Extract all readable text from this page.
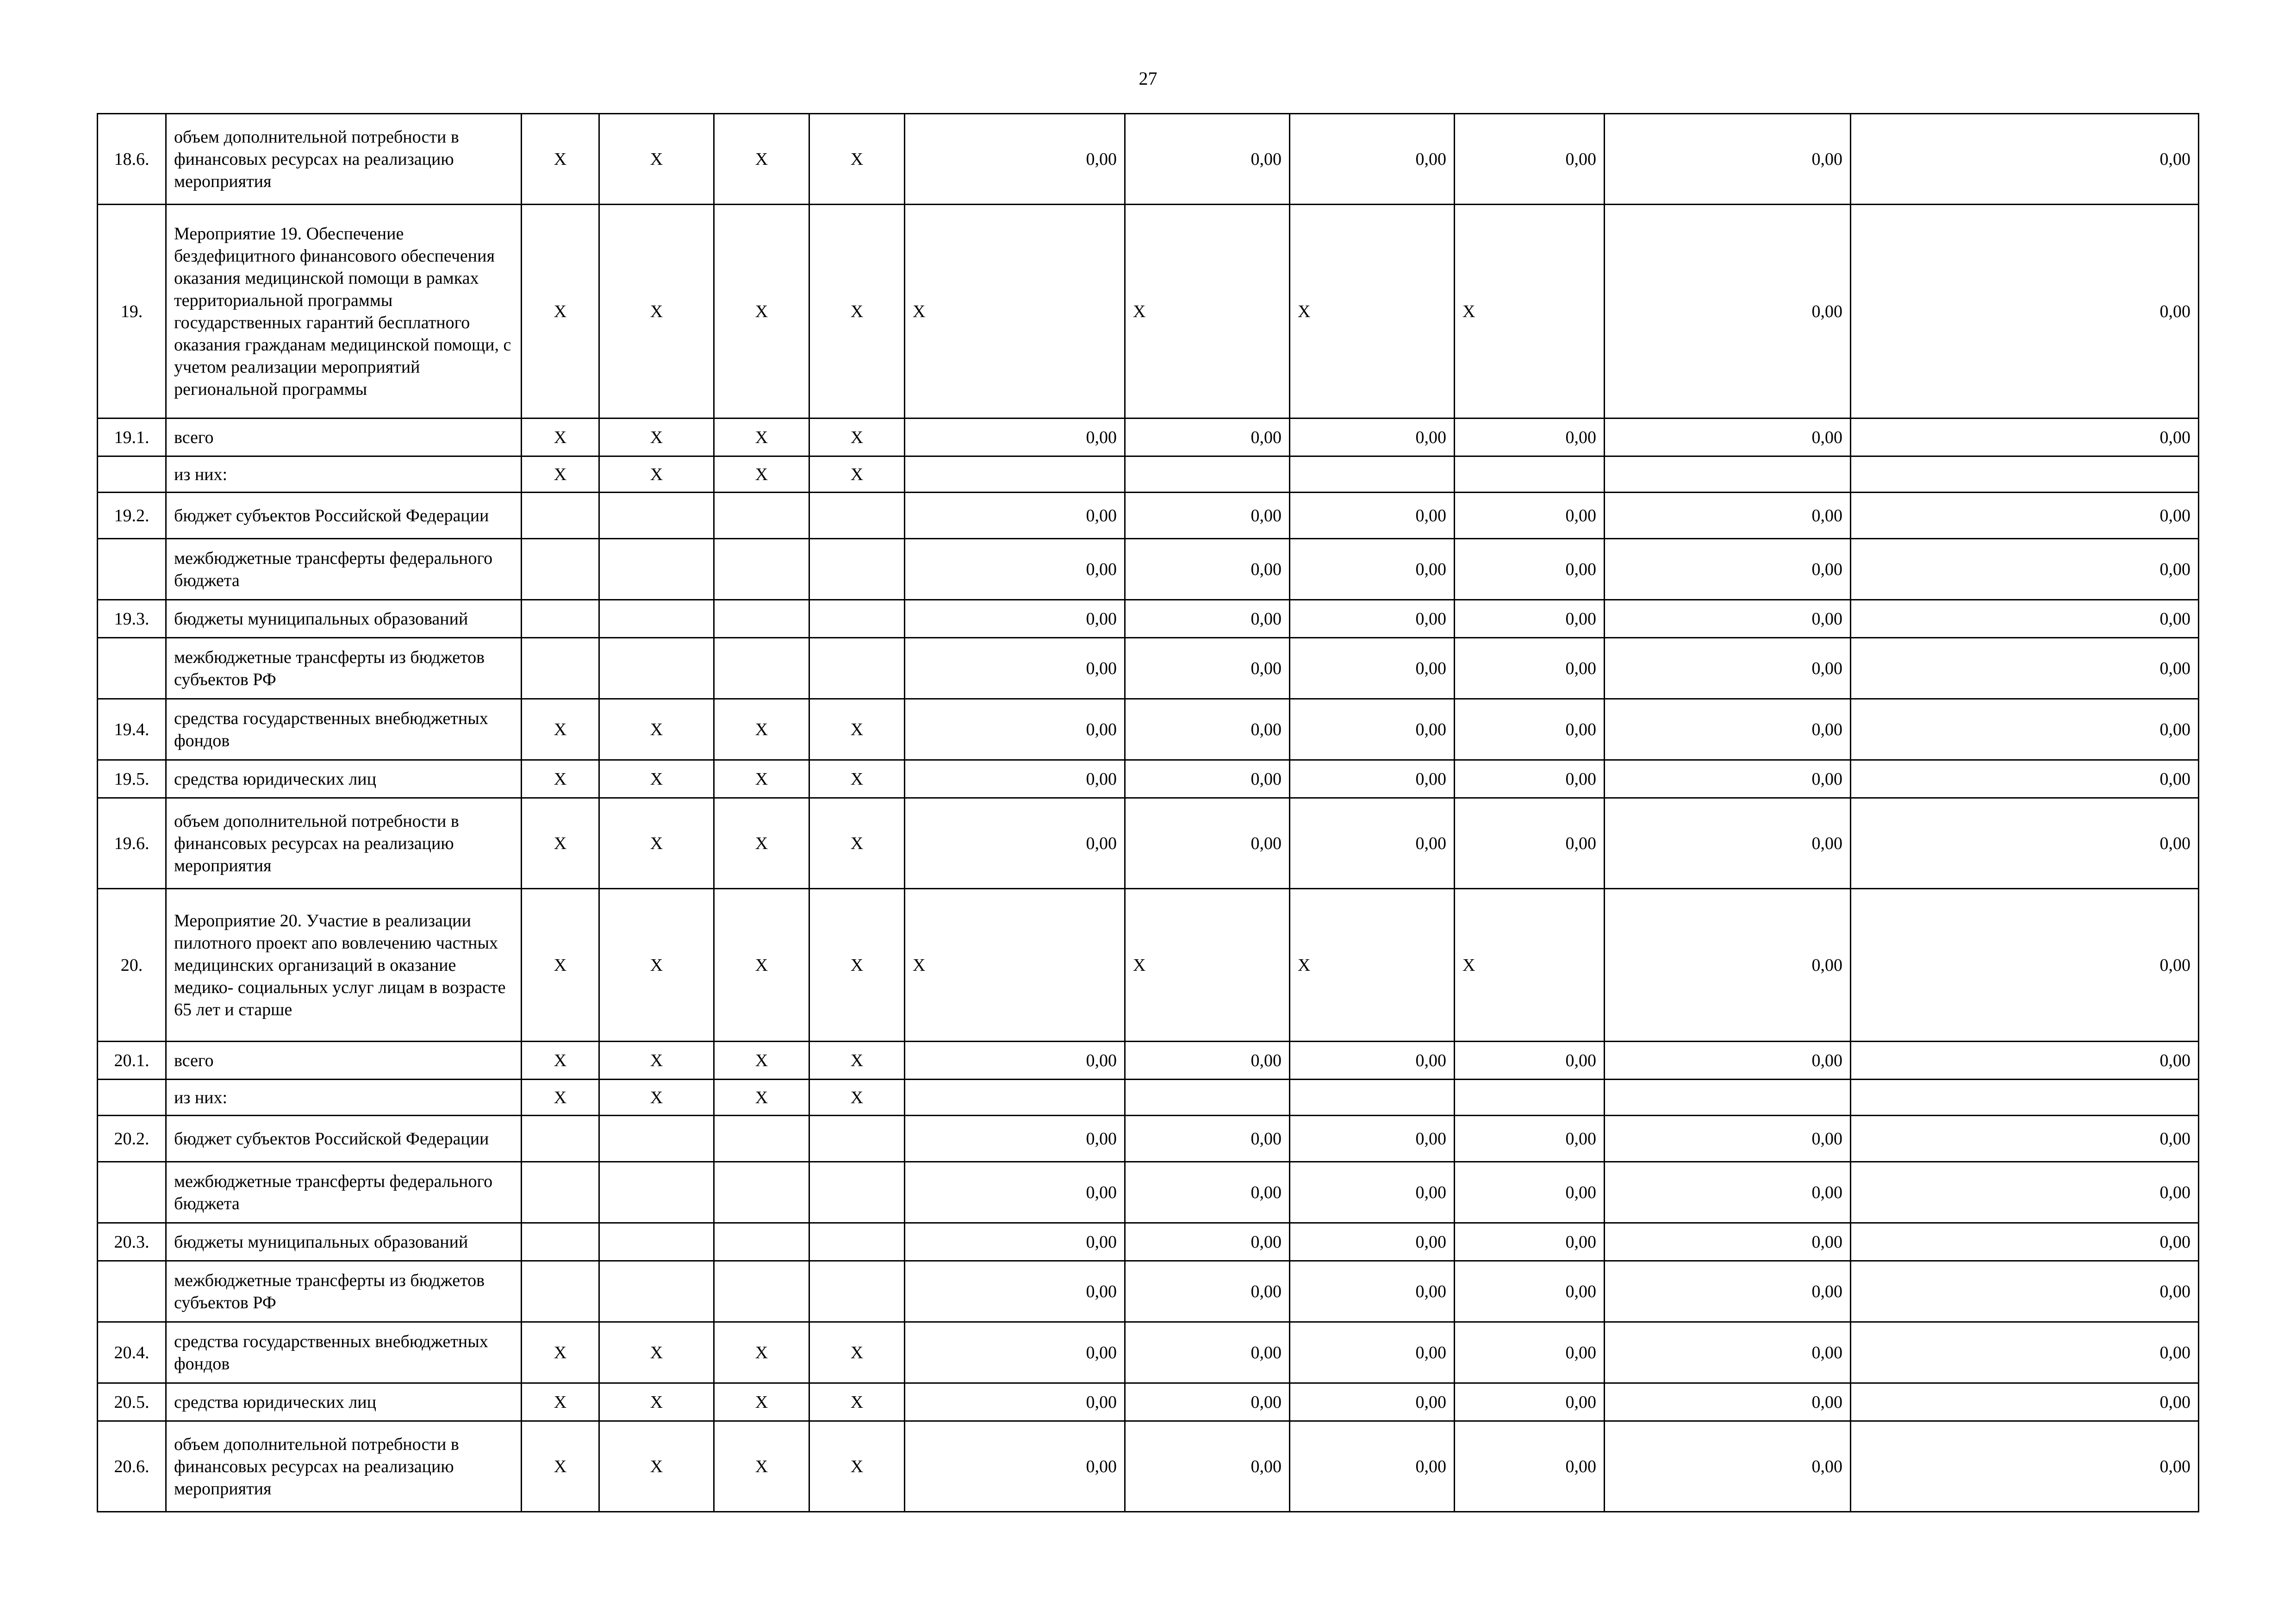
27
18.6.	объем дополнительной потребности в финансовых ресурсах на реализацию мероприятия	X	X	X	X	0,00	0,00	0,00	0,00	0,00	0,00
19.	Мероприятие 19. Обеспечение бездефицитного финансового обеспечения оказания медицинской помощи в рамках территориальной программы государственных гарантий бесплатного оказания гражданам медицинской помощи, с учетом реализации мероприятий региональной программы	X	X	X	X	X	X	X	X	0,00	0,00
19.1.	всего	X	X	X	X	0,00	0,00	0,00	0,00	0,00	0,00
	из них:	X	X	X	X						
19.2.	бюджет субъектов Российской Федерации					0,00	0,00	0,00	0,00	0,00	0,00
	межбюджетные трансферты федерального бюджета					0,00	0,00	0,00	0,00	0,00	0,00
19.3.	бюджеты муниципальных образований					0,00	0,00	0,00	0,00	0,00	0,00
	межбюджетные трансферты из бюджетов субъектов РФ					0,00	0,00	0,00	0,00	0,00	0,00
19.4.	средства государственных внебюджетных фондов	X	X	X	X	0,00	0,00	0,00	0,00	0,00	0,00
19.5.	средства юридических лиц	X	X	X	X	0,00	0,00	0,00	0,00	0,00	0,00
19.6.	объем дополнительной потребности в финансовых ресурсах на реализацию мероприятия	X	X	X	X	0,00	0,00	0,00	0,00	0,00	0,00
20.	Мероприятие 20. Участие в реализации пилотного проект апо вовлечению частных медицинских организаций в оказание медико- социальных услуг лицам в возрасте 65 лет и старше	X	X	X	X	X	X	X	X	0,00	0,00
20.1.	всего	X	X	X	X	0,00	0,00	0,00	0,00	0,00	0,00
	из них:	X	X	X	X						
20.2.	бюджет субъектов Российской Федерации					0,00	0,00	0,00	0,00	0,00	0,00
	межбюджетные трансферты федерального бюджета					0,00	0,00	0,00	0,00	0,00	0,00
20.3.	бюджеты муниципальных образований					0,00	0,00	0,00	0,00	0,00	0,00
	межбюджетные трансферты из бюджетов субъектов РФ					0,00	0,00	0,00	0,00	0,00	0,00
20.4.	средства государственных внебюджетных фондов	X	X	X	X	0,00	0,00	0,00	0,00	0,00	0,00
20.5.	средства юридических лиц	X	X	X	X	0,00	0,00	0,00	0,00	0,00	0,00
20.6.	объем дополнительной потребности в финансовых ресурсах на реализацию мероприятия	X	X	X	X	0,00	0,00	0,00	0,00	0,00	0,00
